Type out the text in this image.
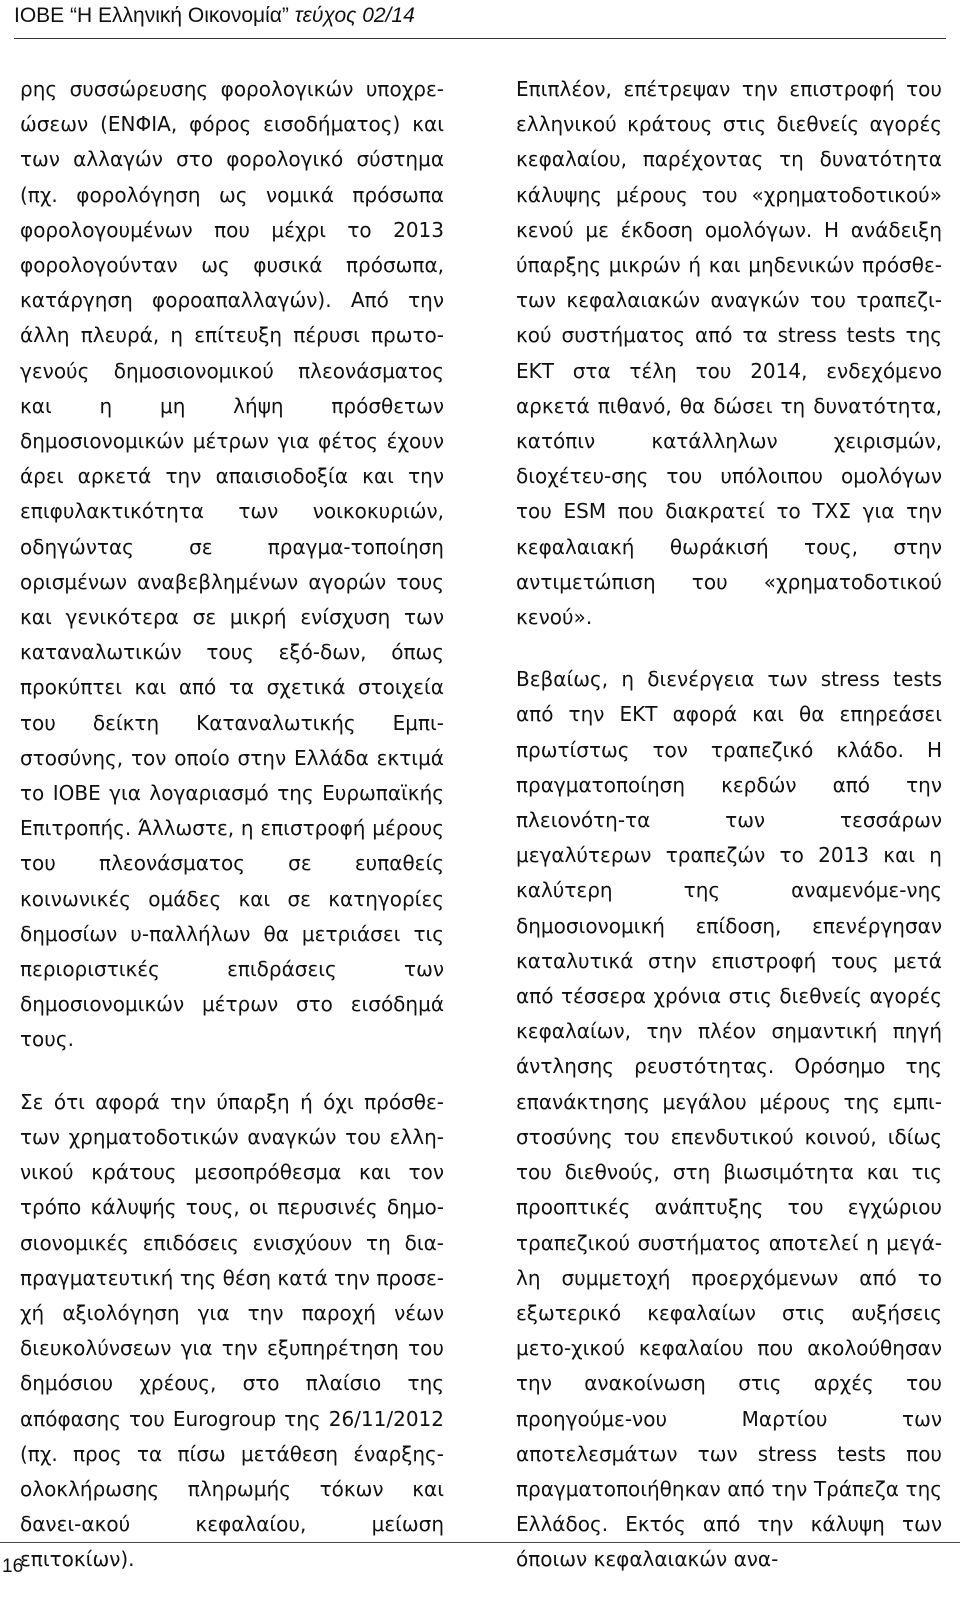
ΙΟΒΕ “Η Ελληνική Οικονομία” τεύχος 02/14

ρης συσσώρευσης φορολογικών υποχρε-ώσεων (ΕΝΦΙΑ, φόρος εισοδήματος) και των αλλαγών στο φορολογικό σύστημα (πχ. φορολόγηση ως νομικά πρόσωπα φορολογουμένων που μέχρι το 2013 φορολογούνταν ως φυσικά πρόσωπα, κατάργηση φοροαπαλλαγών). Από την άλλη πλευρά, η επίτευξη πέρυσι πρωτο-γενούς δημοσιονομικού πλεονάσματος και η μη λήψη πρόσθετων δημοσιονομικών μέτρων για φέτος έχουν άρει αρκετά την απαισιοδοξία και την επιφυλακτικότητα των νοικοκυριών, οδηγώντας σε πραγμα-τοποίηση ορισμένων αναβεβλημένων αγορών τους και γενικότερα σε μικρή ενίσχυση των καταναλωτικών τους εξό-δων, όπως προκύπτει και από τα σχετικά στοιχεία του δείκτη Καταναλωτικής Εμπι-στοσύνης, τον οποίο στην Ελλάδα εκτιμά το ΙΟΒΕ για λογαριασμό της Ευρωπαϊκής Επιτροπής. Άλλωστε, η επιστροφή μέρους του πλεονάσματος σε ευπαθείς κοινωνικές ομάδες και σε κατηγορίες δημοσίων υ-παλλήλων θα μετριάσει τις περιοριστικές επιδράσεις των δημοσιονομικών μέτρων στο εισόδημά τους.

Σε ότι αφορά την ύπαρξη ή όχι πρόσθε-των χρηματοδοτικών αναγκών του ελλη-νικού κράτους μεσοπρόθεσμα και τον τρόπο κάλυψής τους, οι περυσινές δημο-σιονομικές επιδόσεις ενισχύουν τη δια-πραγματευτική της θέση κατά την προσε-χή αξιολόγηση για την παροχή νέων διευκολύνσεων για την εξυπηρέτηση του δημόσιου χρέους, στο πλαίσιο της απόφασης του Eurogroup της 26/11/2012 (πχ. προς τα πίσω μετάθεση έναρξης-ολοκλήρωσης πληρωμής τόκων και δανει-ακού κεφαλαίου, μείωση επιτοκίων).

Επιπλέον, επέτρεψαν την επιστροφή του ελληνικού κράτους στις διεθνείς αγορές κεφαλαίου, παρέχοντας τη δυνατότητα κάλυψης μέρους του «χρηματοδοτικού» κενού με έκδοση ομολόγων. Η ανάδειξη ύπαρξης μικρών ή και μηδενικών πρόσθε-των κεφαλαιακών αναγκών του τραπεζι-κού συστήματος από τα stress tests της ΕΚΤ στα τέλη του 2014, ενδεχόμενο αρκετά πιθανό, θα δώσει τη δυνατότητα, κατόπιν κατάλληλων χειρισμών, διοχέτευ-σης του υπόλοιπου ομολόγων του ESM που διακρατεί το ΤΧΣ για την κεφαλαιακή θωράκισή τους, στην αντιμετώπιση του «χρηματοδοτικού κενού».

Βεβαίως, η διενέργεια των stress tests από την ΕΚΤ αφορά και θα επηρεάσει πρωτίστως τον τραπεζικό κλάδο. Η πραγματοποίηση κερδών από την πλειονότη-τα των τεσσάρων μεγαλύτερων τραπεζών το 2013 και η καλύτερη της αναμενόμε-νης δημοσιονομική επίδοση, επενέργησαν καταλυτικά στην επιστροφή τους μετά από τέσσερα χρόνια στις διεθνείς αγορές κεφαλαίων, την πλέον σημαντική πηγή άντλησης ρευστότητας. Ορόσημο της επανάκτησης μεγάλου μέρους της εμπι-στοσύνης του επενδυτικού κοινού, ιδίως του διεθνούς, στη βιωσιμότητα και τις προοπτικές ανάπτυξης του εγχώριου τραπεζικού συστήματος αποτελεί η μεγά-λη συμμετοχή προερχόμενων από το εξωτερικό κεφαλαίων στις αυξήσεις μετο-χικού κεφαλαίου που ακολούθησαν την ανακοίνωση στις αρχές του προηγούμε-νου Μαρτίου των αποτελεσμάτων των stress tests που πραγματοποιήθηκαν από την Τράπεζα της Ελλάδος. Εκτός από την κάλυψη των όποιων κεφαλαιακών ανα-

16
